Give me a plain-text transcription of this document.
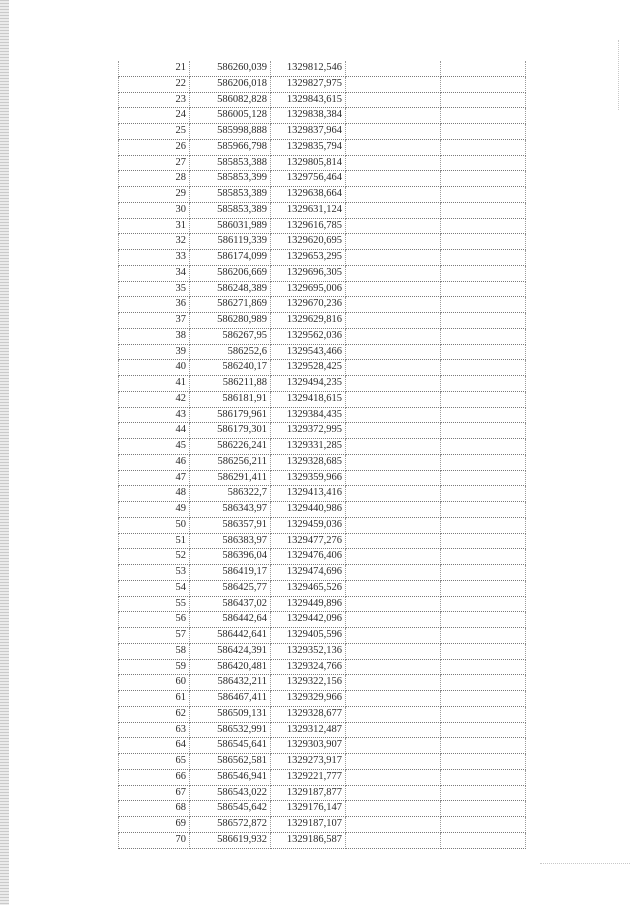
21	586260,039	1329812,546		
22	586206,018	1329827,975		
23	586082,828	1329843,615		
24	586005,128	1329838,384		
25	585998,888	1329837,964		
26	585966,798	1329835,794		
27	585853,388	1329805,814		
28	585853,399	1329756,464		
29	585853,389	1329638,664		
30	585853,389	1329631,124		
31	586031,989	1329616,785		
32	586119,339	1329620,695		
33	586174,099	1329653,295		
34	586206,669	1329696,305		
35	586248,389	1329695,006		
36	586271,869	1329670,236		
37	586280,989	1329629,816		
38	586267,95	1329562,036		
39	586252,6	1329543,466		
40	586240,17	1329528,425		
41	586211,88	1329494,235		
42	586181,91	1329418,615		
43	586179,961	1329384,435		
44	586179,301	1329372,995		
45	586226,241	1329331,285		
46	586256,211	1329328,685		
47	586291,411	1329359,966		
48	586322,7	1329413,416		
49	586343,97	1329440,986		
50	586357,91	1329459,036		
51	586383,97	1329477,276		
52	586396,04	1329476,406		
53	586419,17	1329474,696		
54	586425,77	1329465,526		
55	586437,02	1329449,896		
56	586442,64	1329442,096		
57	586442,641	1329405,596		
58	586424,391	1329352,136		
59	586420,481	1329324,766		
60	586432,211	1329322,156		
61	586467,411	1329329,966		
62	586509,131	1329328,677		
63	586532,991	1329312,487		
64	586545,641	1329303,907		
65	586562,581	1329273,917		
66	586546,941	1329221,777		
67	586543,022	1329187,877		
68	586545,642	1329176,147		
69	586572,872	1329187,107		
70	586619,932	1329186,587		
